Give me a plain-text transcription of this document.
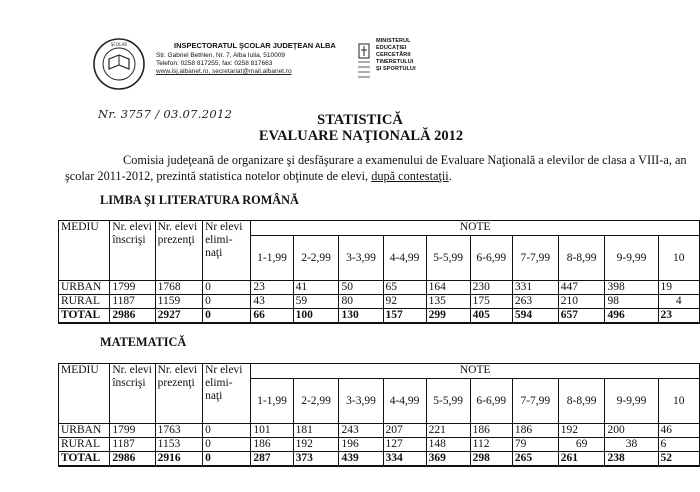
ŞCOLAR	INSPECTORATUL ŞCOLAR JUDEŢEAN ALBA
Str. Gabriel Bethlen, Nr. 7, Alba Iulia, 510009
Telefon: 0258 817255, fax: 0258 817663
www.isj.albanet.ro, secretariat@mail.albanet.ro
MINISTERUL
EDUCAŢIEI
CERCETĂRII
TINERETULUI
ŞI SPORTULUI
Nr. 3757 / 03.07.2012	STATISTICĂ
EVALUARE NAŢIONALĂ 2012
Comisia judeţeană de organizare şi desfăşurare a examenului de Evaluare Naţională a elevilor de clasa a VIII-a, an şcolar 2011-2012, prezintă statistica notelor obţinute de elevi, după contestaţii.
LIMBA ŞI LITERATURA ROMÂNĂ
MEDIU	Nr. elevi înscrişi	Nr. elevi prezenţi	Nr elevi elimi-naţi	NOTE									
				1-1,99	2-2,99	3-3,99	4-4,99	5-5,99	6-6,99	7-7,99	8-8,99	9-9,99	10
URBAN	1799	1768	0	23	41	50	65	164	230	331	447	398	19
RURAL	1187	1159	0	43	59	80	92	135	175	263	210	98	4
TOTAL	2986	2927	0	66	100	130	157	299	405	594	657	496	23
MATEMATICĂ
MEDIU	Nr. elevi înscrişi	Nr. elevi prezenţi	Nr elevi elimi-naţi	NOTE									
				1-1,99	2-2,99	3-3,99	4-4,99	5-5,99	6-6,99	7-7,99	8-8,99	9-9,99	10
URBAN	1799	1763	0	101	181	243	207	221	186	186	192	200	46
RURAL	1187	1153	0	186	192	196	127	148	112	79	69	38	6
TOTAL	2986	2916	0	287	373	439	334	369	298	265	261	238	52
